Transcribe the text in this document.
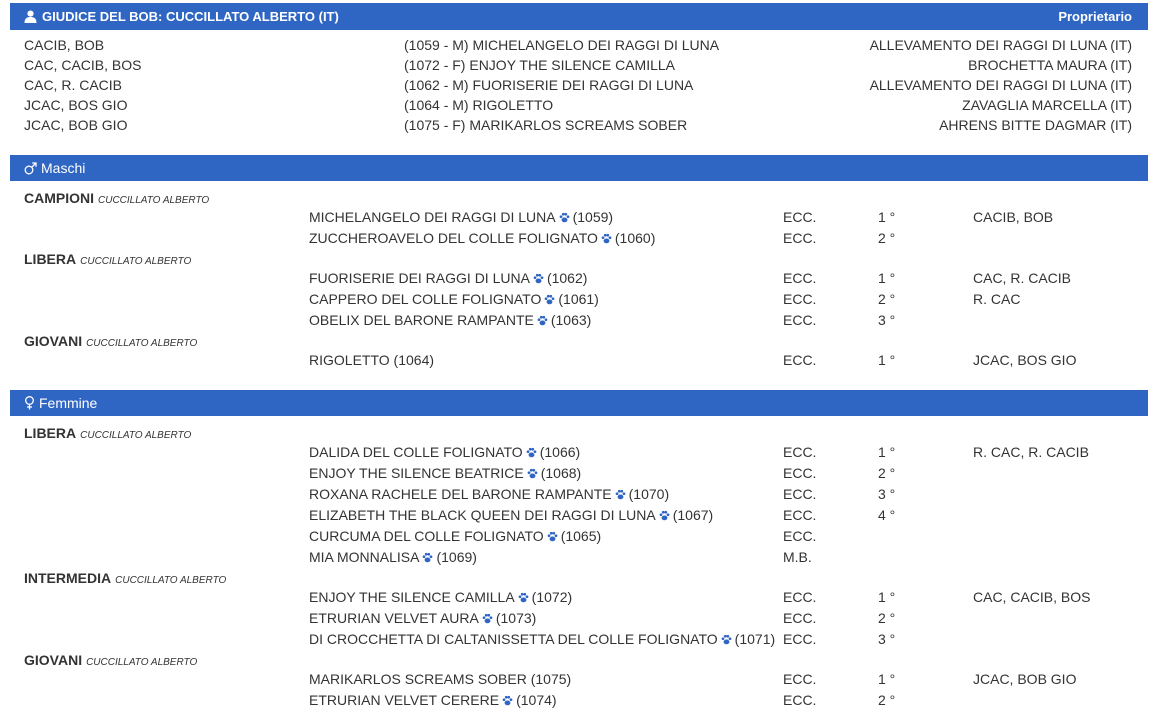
GIUDICE DEL BOB: CUCCILLATO ALBERTO (IT)	Proprietario
CACIB, BOB	(1059 - M) MICHELANGELO DEI RAGGI DI LUNA	ALLEVAMENTO DEI RAGGI DI LUNA (IT)
CAC, CACIB, BOS	(1072 - F) ENJOY THE SILENCE CAMILLA	BROCHETTA MAURA (IT)
CAC, R. CACIB	(1062 - M) FUORISERIE DEI RAGGI DI LUNA	ALLEVAMENTO DEI RAGGI DI LUNA (IT)
JCAC, BOS GIO	(1064 - M) RIGOLETTO	ZAVAGLIA MARCELLA (IT)
JCAC, BOB GIO	(1075 - F) MARIKARLOS SCREAMS SOBER	AHRENS BITTE DAGMAR (IT)
Maschi
CAMPIONI CUCCILLATO ALBERTO
MICHELANGELO DEI RAGGI DI LUNA (1059)	ECC.	1 °	CACIB, BOB
ZUCCHEROAVELO DEL COLLE FOLIGNATO (1060)	ECC.	2 °
LIBERA CUCCILLATO ALBERTO
FUORISERIE DEI RAGGI DI LUNA (1062)	ECC.	1 °	CAC, R. CACIB
CAPPERO DEL COLLE FOLIGNATO (1061)	ECC.	2 °	R. CAC
OBELIX DEL BARONE RAMPANTE (1063)	ECC.	3 °
GIOVANI CUCCILLATO ALBERTO
RIGOLETTO (1064)	ECC.	1 °	JCAC, BOS GIO
Femmine
LIBERA CUCCILLATO ALBERTO
DALIDA DEL COLLE FOLIGNATO (1066)	ECC.	1 °	R. CAC, R. CACIB
ENJOY THE SILENCE BEATRICE (1068)	ECC.	2 °
ROXANA RACHELE DEL BARONE RAMPANTE (1070)	ECC.	3 °
ELIZABETH THE BLACK QUEEN DEI RAGGI DI LUNA (1067)	ECC.	4 °
CURCUMA DEL COLLE FOLIGNATO (1065)	ECC.
MIA MONNALISA (1069)	M.B.
INTERMEDIA CUCCILLATO ALBERTO
ENJOY THE SILENCE CAMILLA (1072)	ECC.	1 °	CAC, CACIB, BOS
ETRURIAN VELVET AURA (1073)	ECC.	2 °
DI CROCCHETTA DI CALTANISSETTA DEL COLLE FOLIGNATO (1071) ECC.	3 °
GIOVANI CUCCILLATO ALBERTO
MARIKARLOS SCREAMS SOBER (1075)	ECC.	1 °	JCAC, BOB GIO
ETRURIAN VELVET CERERE (1074)	ECC.	2 °
